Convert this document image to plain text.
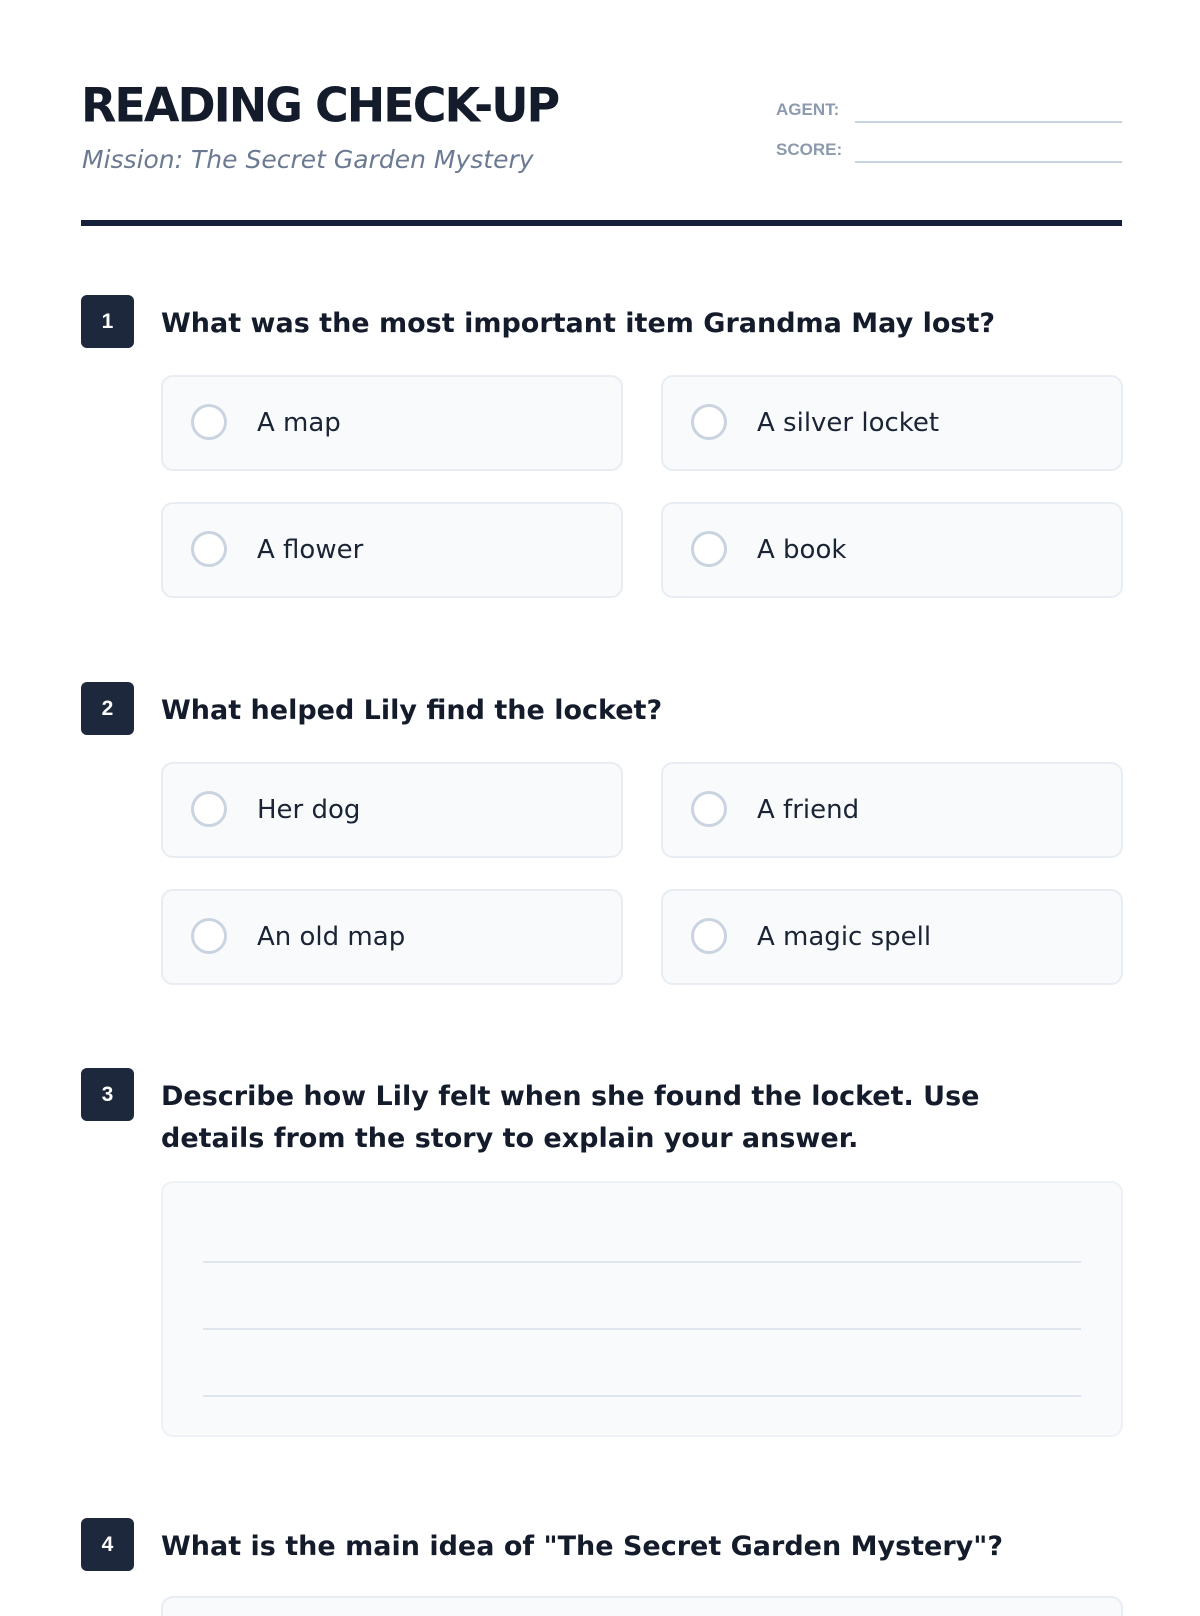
READING CHECK-UP
Mission: The Secret Garden Mystery
AGENT:
SCORE:
1	What was the most important item Grandma May lost?
A map	A silver locket
A flower	A book
2	What helped Lily find the locket?
Her dog	A friend
An old map	A magic spell
3	Describe how Lily felt when she found the locket. Use details from the story to explain your answer.
4	What is the main idea of "The Secret Garden Mystery"?
